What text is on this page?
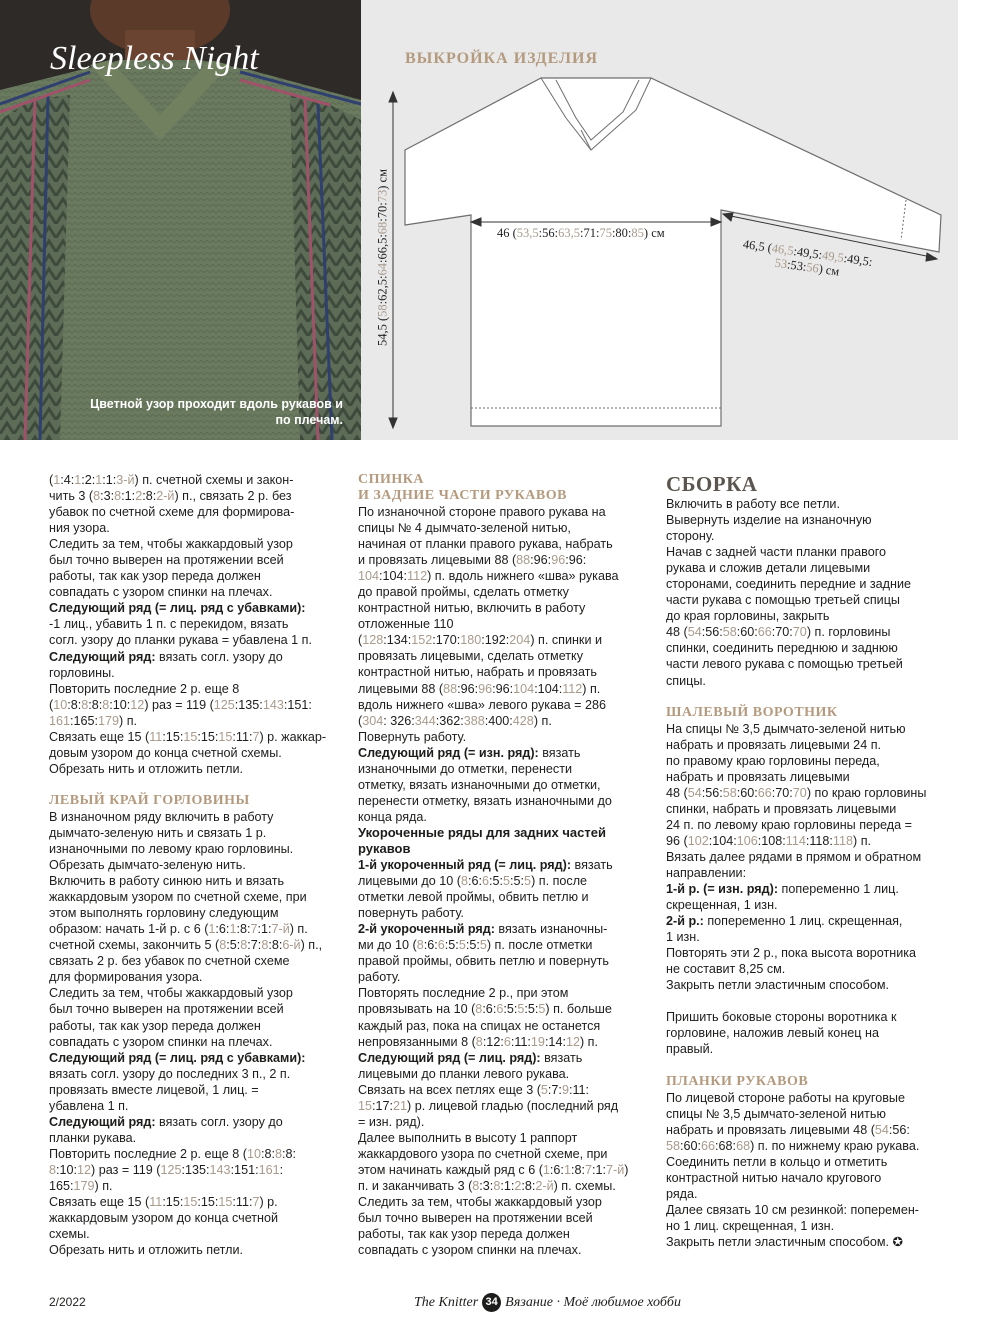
Sleepless Night
Цветной узор проходит вдоль рукавов и по плечам.
ВЫКРОЙКА ИЗДЕЛИЯ
54,5 (58:62,5:64:66,5:68:70:73) см
46 (53,5:56:63,5:71:75:80:85) см
46,5 (46,5:49,5:49,5:49,5:
53:53:56) см

(1:4:1:2:1:1:3-й) п. счетной схемы и закон-

чить 3 (8:3:8:1:2:8:2-й) п., связать 2 р. без

убавок по счетной схеме для формирова-

ния узора.

Следить за тем, чтобы жаккардовый узор

был точно выверен на протяжении всей

работы, так как узор переда должен

совпадать с узором спинки на плечах.

Следующий ряд (= лиц. ряд с убавками):

-1 лиц., убавить 1 п. с перекидом, вязать

согл. узору до планки рукава = убавлена 1 п.

Следующий ряд: вязать согл. узору до

горловины.

Повторить последние 2 р. еще 8

(10:8:8:8:8:10:12) раз = 119 (125:135:143:151:

161:165:179) п.

Связать еще 15 (11:15:15:15:15:11:7) р. жаккар-

довым узором до конца счетной схемы.

Обрезать нить и отложить петли.

ЛЕВЫЙ КРАЙ ГОРЛОВИНЫ

В изнаночном ряду включить в работу

дымчато-зеленую нить и связать 1 р.

изнаночными по левому краю горловины.

Обрезать дымчато-зеленую нить.

Включить в работу синюю нить и вязать

жаккардовым узором по счетной схеме, при

этом выполнять горловину следующим

образом: начать 1-й р. с 6 (1:6:1:8:7:1:7-й) п.

счетной схемы, закончить 5 (8:5:8:7:8:8:6-й) п.,

связать 2 р. без убавок по счетной схеме

для формирования узора.

Следить за тем, чтобы жаккардовый узор

был точно выверен на протяжении всей

работы, так как узор переда должен

совпадать с узором спинки на плечах.

Следующий ряд (= лиц. ряд с убавками):

вязать согл. узору до последних 3 п., 2 п.

провязать вместе лицевой, 1 лиц. =

убавлена 1 п.

Следующий ряд: вязать согл. узору до

планки рукава.

Повторить последние 2 р. еще 8 (10:8:8:8:

8:10:12) раз = 119 (125:135:143:151:161:

165:179) п.

Связать еще 15 (11:15:15:15:15:11:7) р.

жаккардовым узором до конца счетной

схемы.

Обрезать нить и отложить петли.

СПИНКА

И ЗАДНИЕ ЧАСТИ РУКАВОВ

По изнаночной стороне правого рукава на

спицы № 4 дымчато-зеленой нитью,

начиная от планки правого рукава, набрать

и провязать лицевыми 88 (88:96:96:96:

104:104:112) п. вдоль нижнего «шва» рукава

до правой проймы, сделать отметку

контрастной нитью, включить в работу

отложенные 110

(128:134:152:170:180:192:204) п. спинки и

провязать лицевыми, сделать отметку

контрастной нитью, набрать и провязать

лицевыми 88 (88:96:96:96:104:104:112) п.

вдоль нижнего «шва» левого рукава = 286

(304: 326:344:362:388:400:428) п.

Повернуть работу.

Следующий ряд (= изн. ряд): вязать

изнаночными до отметки, перенести

отметку, вязать изнаночными до отметки,

перенести отметку, вязать изнаночными до

конца ряда.

Укороченные ряды для задних частей

рукавов

1-й укороченный ряд (= лиц. ряд): вязать

лицевыми до 10 (8:6:6:5:5:5:5) п. после

отметки левой проймы, обвить петлю и

повернуть работу.

2-й укороченный ряд: вязать изнаночны-

ми до 10 (8:6:6:5:5:5:5) п. после отметки

правой проймы, обвить петлю и повернуть

работу.

Повторять последние 2 р., при этом

провязывать на 10 (8:6:6:5:5:5:5) п. больше

каждый раз, пока на спицах не останется

непровязанными 8 (8:12:6:11:19:14:12) п.

Следующий ряд (= лиц. ряд): вязать

лицевыми до планки левого рукава.

Связать на всех петлях еще 3 (5:7:9:11:

15:17:21) р. лицевой гладью (последний ряд

= изн. ряд).

Далее выполнить в высоту 1 раппорт

жаккардового узора по счетной схеме, при

этом начинать каждый ряд с 6 (1:6:1:8:7:1:7-й)

п. и заканчивать 3 (8:3:8:1:2:8:2-й) п. схемы.

Следить за тем, чтобы жаккардовый узор

был точно выверен на протяжении всей

работы, так как узор переда должен

совпадать с узором спинки на плечах.

СБОРКА

Включить в работу все петли.

Вывернуть изделие на изнаночную

сторону.

Начав с задней части планки правого

рукава и сложив детали лицевыми

сторонами, соединить передние и задние

части рукава с помощью третьей спицы

до края горловины, закрыть

48 (54:56:58:60:66:70:70) п. горловины

спинки, соединить переднюю и заднюю

части левого рукава с помощью третьей

спицы.

ШАЛЕВЫЙ ВОРОТНИК

На спицы № 3,5 дымчато-зеленой нитью

набрать и провязать лицевыми 24 п.

по правому краю горловины переда,

набрать и провязать лицевыми

48 (54:56:58:60:66:70:70) по краю горловины

спинки, набрать и провязать лицевыми

24 п. по левому краю горловины переда =

96 (102:104:106:108:114:118:118) п.

Вязать далее рядами в прямом и обратном

направлении:

1-й р. (= изн. ряд): попеременно 1 лиц.

скрещенная, 1 изн.

2-й р.: попеременно 1 лиц. скрещенная,

1 изн.

Повторять эти 2 р., пока высота воротника

не составит 8,25 см.

Закрыть петли эластичным способом.

Пришить боковые стороны воротника к

горловине, наложив левый конец на

правый.

ПЛАНКИ РУКАВОВ

По лицевой стороне работы на круговые

спицы № 3,5 дымчато-зеленой нитью

набрать и провязать лицевыми 48 (54:56:

58:60:66:68:68) п. по нижнему краю рукава.

Соединить петли в кольцо и отметить

контрастной нитью начало кругового

ряда.

Далее связать 10 см резинкой: поперемен-

но 1 лиц. скрещенная, 1 изн.

Закрыть петли эластичным способом. ✪

2/2022	The Knitter 34 Вязание · Моё любимое хобби
